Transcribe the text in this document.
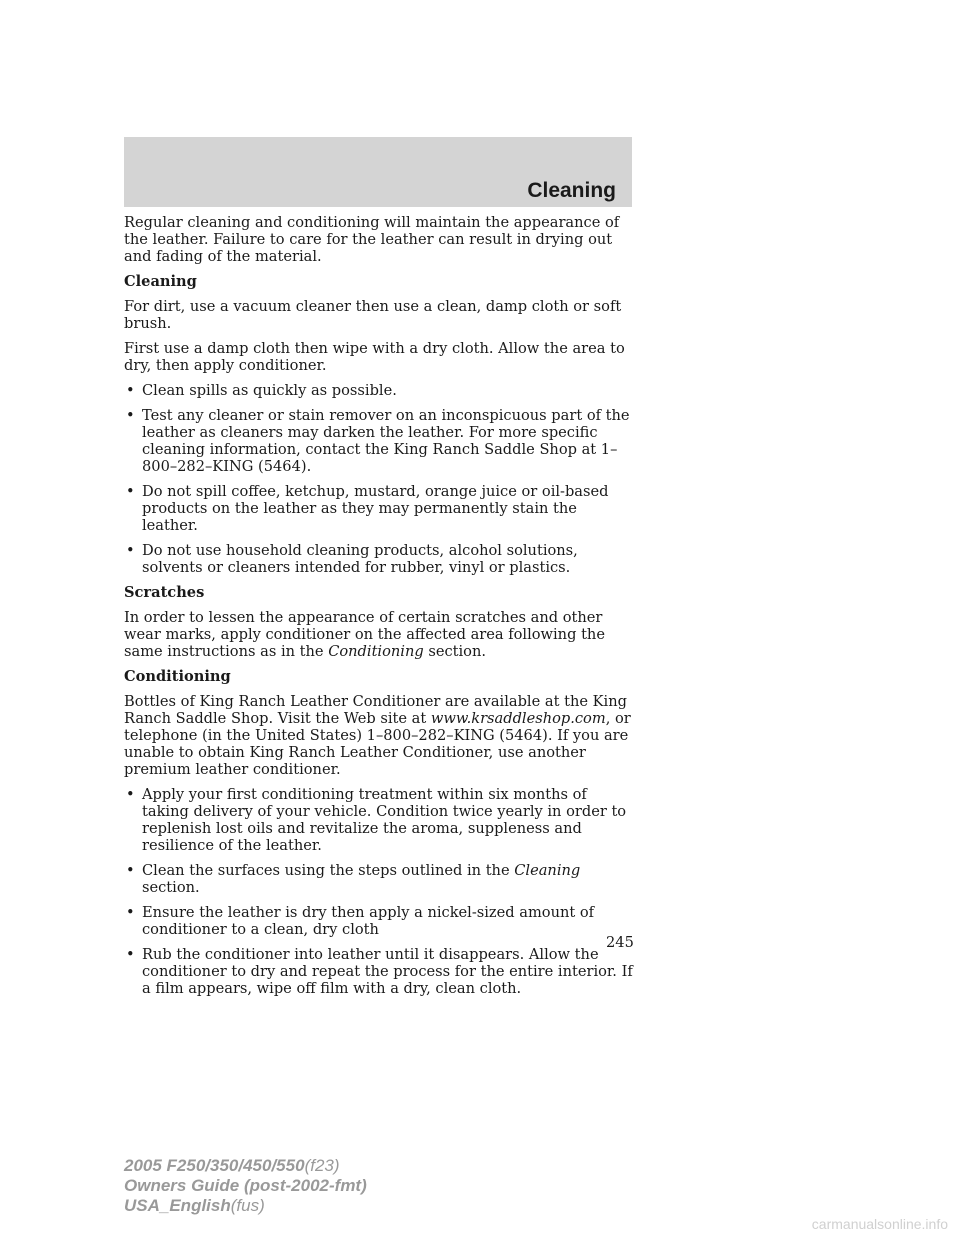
Cleaning

Regular cleaning and conditioning will maintain the appearance of the leather. Failure to care for the leather can result in drying out and fading of the material.

Cleaning

For dirt, use a vacuum cleaner then use a clean, damp cloth or soft brush.

First use a damp cloth then wipe with a dry cloth. Allow the area to dry, then apply conditioner.

• Clean spills as quickly as possible.
• Test any cleaner or stain remover on an inconspicuous part of the leather as cleaners may darken the leather. For more specific cleaning information, contact the King Ranch Saddle Shop at 1–800–282–KING (5464).
• Do not spill coffee, ketchup, mustard, orange juice or oil-based products on the leather as they may permanently stain the leather.
• Do not use household cleaning products, alcohol solutions, solvents or cleaners intended for rubber, vinyl or plastics.
Scratches

In order to lessen the appearance of certain scratches and other wear marks, apply conditioner on the affected area following the same instructions as in the Conditioning section.

Conditioning

Bottles of King Ranch Leather Conditioner are available at the King Ranch Saddle Shop. Visit the Web site at www.krsaddleshop.com, or telephone (in the United States) 1–800–282–KING (5464). If you are unable to obtain King Ranch Leather Conditioner, use another premium leather conditioner.

• Apply your first conditioning treatment within six months of taking delivery of your vehicle. Condition twice yearly in order to replenish lost oils and revitalize the aroma, suppleness and resilience of the leather.
• Clean the surfaces using the steps outlined in the Cleaning section.
• Ensure the leather is dry then apply a nickel-sized amount of conditioner to a clean, dry cloth
• Rub the conditioner into leather until it disappears. Allow the conditioner to dry and repeat the process for the entire interior. If a film appears, wipe off film with a dry, clean cloth.
245
2005 F250/350/450/550(f23)
Owners Guide (post-2002-fmt)
USA_English(fus)
carmanualsonline.info
